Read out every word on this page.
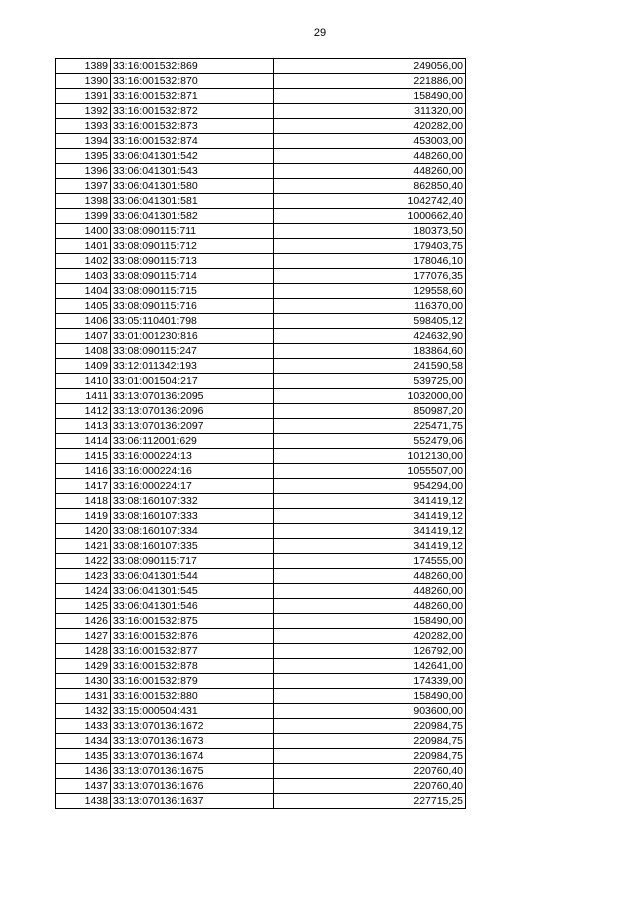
29
1389	33:16:001532:869	249056,00
1390	33:16:001532:870	221886,00
1391	33:16:001532:871	158490,00
1392	33:16:001532:872	311320,00
1393	33:16:001532:873	420282,00
1394	33:16:001532:874	453003,00
1395	33:06:041301:542	448260,00
1396	33:06:041301:543	448260,00
1397	33:06:041301:580	862850,40
1398	33:06:041301:581	1042742,40
1399	33:06:041301:582	1000662,40
1400	33:08:090115:711	180373,50
1401	33:08:090115:712	179403,75
1402	33:08:090115:713	178046,10
1403	33:08:090115:714	177076,35
1404	33:08:090115:715	129558,60
1405	33:08:090115:716	116370,00
1406	33:05:110401:798	598405,12
1407	33:01:001230:816	424632,90
1408	33:08:090115:247	183864,60
1409	33:12:011342:193	241590,58
1410	33:01:001504:217	539725,00
1411	33:13:070136:2095	1032000,00
1412	33:13:070136:2096	850987,20
1413	33:13:070136:2097	225471,75
1414	33:06:112001:629	552479,06
1415	33:16:000224:13	1012130,00
1416	33:16:000224:16	1055507,00
1417	33:16:000224:17	954294,00
1418	33:08:160107:332	341419,12
1419	33:08:160107:333	341419,12
1420	33:08:160107:334	341419,12
1421	33:08:160107:335	341419,12
1422	33:08:090115:717	174555,00
1423	33:06:041301:544	448260,00
1424	33:06:041301:545	448260,00
1425	33:06:041301:546	448260,00
1426	33:16:001532:875	158490,00
1427	33:16:001532:876	420282,00
1428	33:16:001532:877	126792,00
1429	33:16:001532:878	142641,00
1430	33:16:001532:879	174339,00
1431	33:16:001532:880	158490,00
1432	33:15:000504:431	903600,00
1433	33:13:070136:1672	220984,75
1434	33:13:070136:1673	220984,75
1435	33:13:070136:1674	220984,75
1436	33:13:070136:1675	220760,40
1437	33:13:070136:1676	220760,40
1438	33:13:070136:1637	227715,25
